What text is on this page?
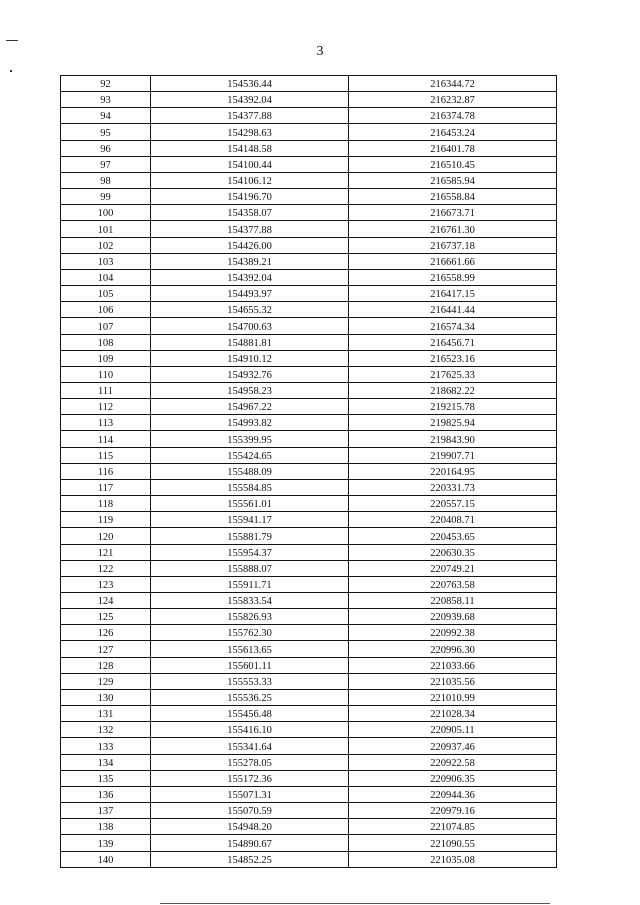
3
92	154536.44	216344.72
93	154392.04	216232.87
94	154377.88	216374.78
95	154298.63	216453.24
96	154148.58	216401.78
97	154100.44	216510.45
98	154106.12	216585.94
99	154196.70	216558.84
100	154358.07	216673.71
101	154377.88	216761.30
102	154426.00	216737.18
103	154389.21	216661.66
104	154392.04	216558.99
105	154493.97	216417.15
106	154655.32	216441.44
107	154700.63	216574.34
108	154881.81	216456.71
109	154910.12	216523.16
110	154932.76	217625.33
111	154958.23	218682.22
112	154967.22	219215.78
113	154993.82	219825.94
114	155399.95	219843.90
115	155424.65	219907.71
116	155488.09	220164.95
117	155584.85	220331.73
118	155561.01	220557.15
119	155941.17	220408.71
120	155881.79	220453.65
121	155954.37	220630.35
122	155888.07	220749.21
123	155911.71	220763.58
124	155833.54	220858.11
125	155826.93	220939.68
126	155762.30	220992.38
127	155613.65	220996.30
128	155601.11	221033.66
129	155553.33	221035.56
130	155536.25	221010.99
131	155456.48	221028.34
132	155416.10	220905.11
133	155341.64	220937.46
134	155278.05	220922.58
135	155172.36	220906.35
136	155071.31	220944.36
137	155070.59	220979.16
138	154948.20	221074.85
139	154890.67	221090.55
140	154852.25	221035.08
